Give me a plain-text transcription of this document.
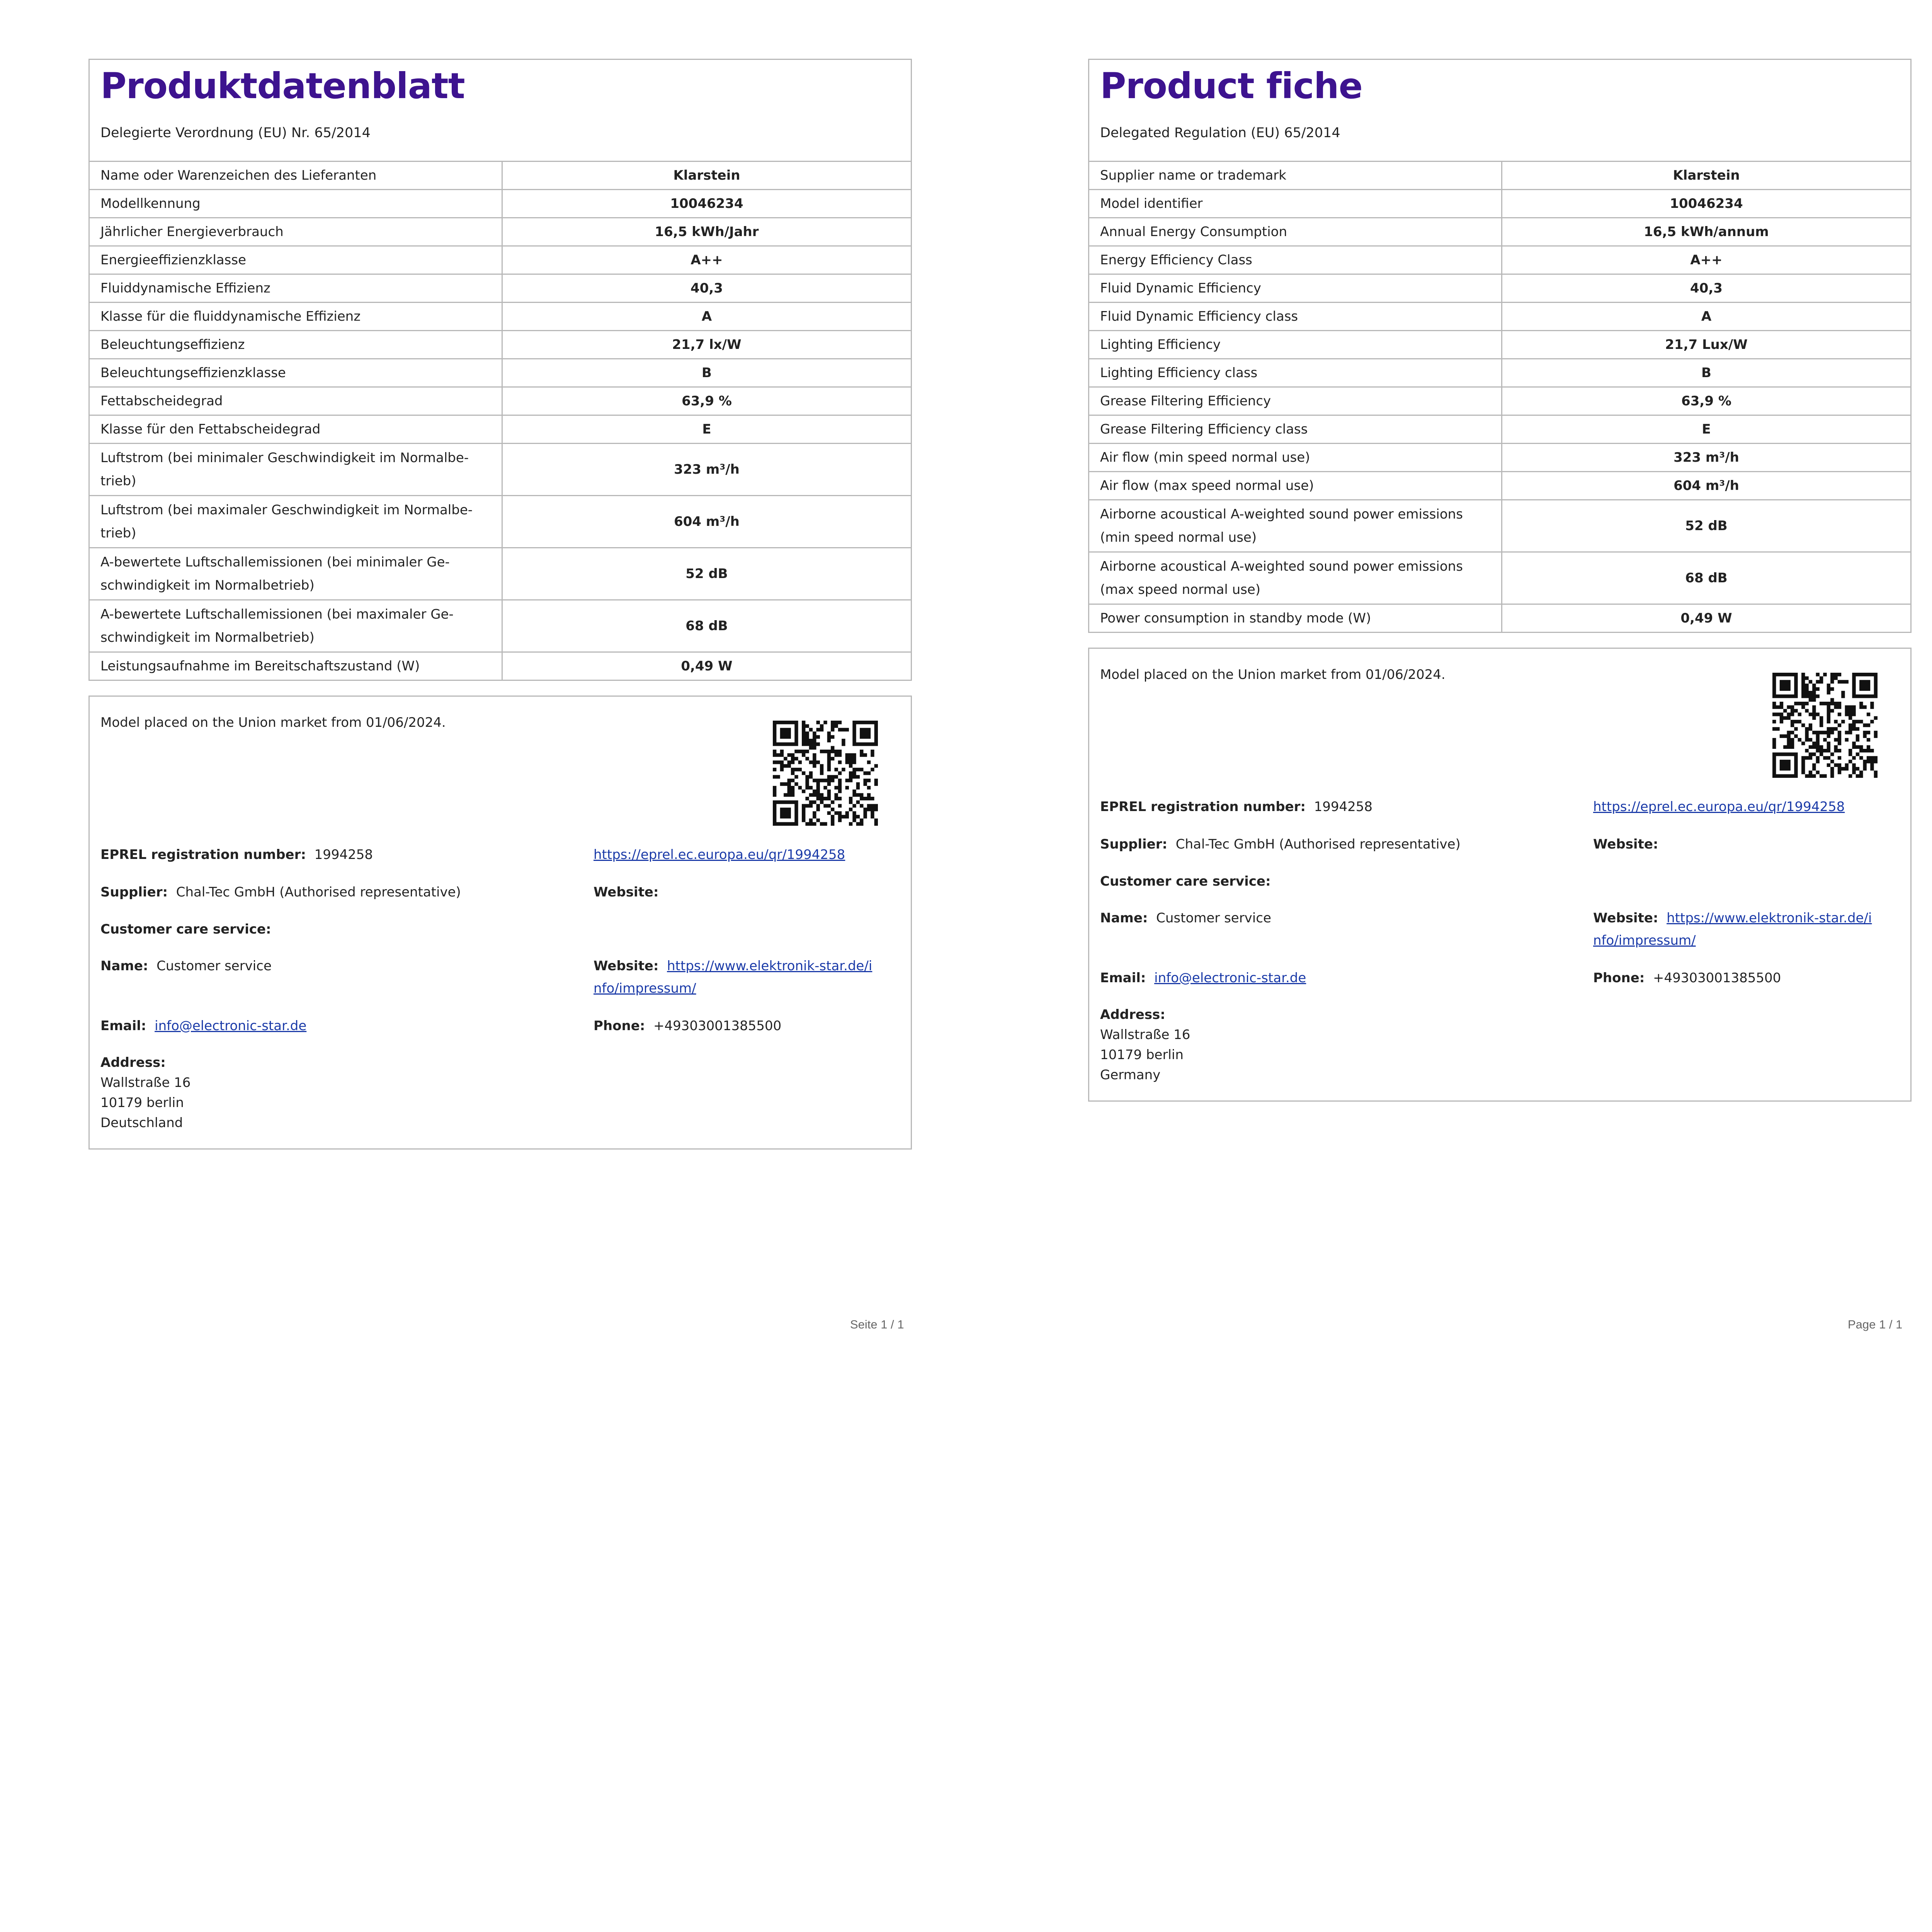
Produktdatenblatt
Delegierte Verordnung (EU) Nr. 65/2014
Name oder Warenzeichen des Lieferanten	Klarstein

Modellkennung	10046234

Jährlicher Energieverbrauch	16,5 kWh/Jahr

Energieeffizienzklasse	A++

Fluiddynamische Effizienz	40,3

Klasse für die fluiddynamische Effizienz	A

Beleuchtungseffizienz	21,7 lx/W

Beleuchtungseffizienzklasse	B

Fettabscheidegrad	63,9 %

Klasse für den Fettabscheidegrad	E

Luftstrom (bei minimaler Geschwindigkeit im Normalbe-
trieb)	323 m³/h

Luftstrom (bei maximaler Geschwindigkeit im Normalbe-
trieb)	604 m³/h

A-bewertete Luftschallemissionen (bei minimaler Ge-
schwindigkeit im Normalbetrieb)	52 dB

A-bewertete Luftschallemissionen (bei maximaler Ge-
schwindigkeit im Normalbetrieb)	68 dB

Leistungsaufnahme im Bereitschaftszustand (W)	0,49 W
Model placed on the Union market from 01/06/2024.
EPREL registration number: 1994258	https://eprel.ec.europa.eu/qr/1994258
Supplier: Chal-Tec GmbH (Authorised representative)	Website:
Customer care service:
Name: Customer service	Website: https://www.elektronik-star.de/i
nfo/impressum/
Email: info@electronic-star.de	Phone: +49303001385500
Address:
Wallstraße 16
10179 berlin
Deutschland
Seite 1 / 1
Product fiche
Delegated Regulation (EU) 65/2014
Supplier name or trademark	Klarstein

Model identifier	10046234

Annual Energy Consumption	16,5 kWh/annum

Energy Efficiency Class	A++

Fluid Dynamic Efficiency	40,3

Fluid Dynamic Efficiency class	A

Lighting Efficiency	21,7 Lux/W

Lighting Efficiency class	B

Grease Filtering Efficiency	63,9 %

Grease Filtering Efficiency class	E

Air flow (min speed normal use)	323 m³/h

Air flow (max speed normal use)	604 m³/h

Airborne acoustical A-weighted sound power emissions
(min speed normal use)	52 dB

Airborne acoustical A-weighted sound power emissions
(max speed normal use)	68 dB

Power consumption in standby mode (W)	0,49 W
Model placed on the Union market from 01/06/2024.
EPREL registration number: 1994258	https://eprel.ec.europa.eu/qr/1994258
Supplier: Chal-Tec GmbH (Authorised representative)	Website:
Customer care service:
Name: Customer service	Website: https://www.elektronik-star.de/i
nfo/impressum/
Email: info@electronic-star.de	Phone: +49303001385500
Address:
Wallstraße 16
10179 berlin
Germany
Page 1 / 1
